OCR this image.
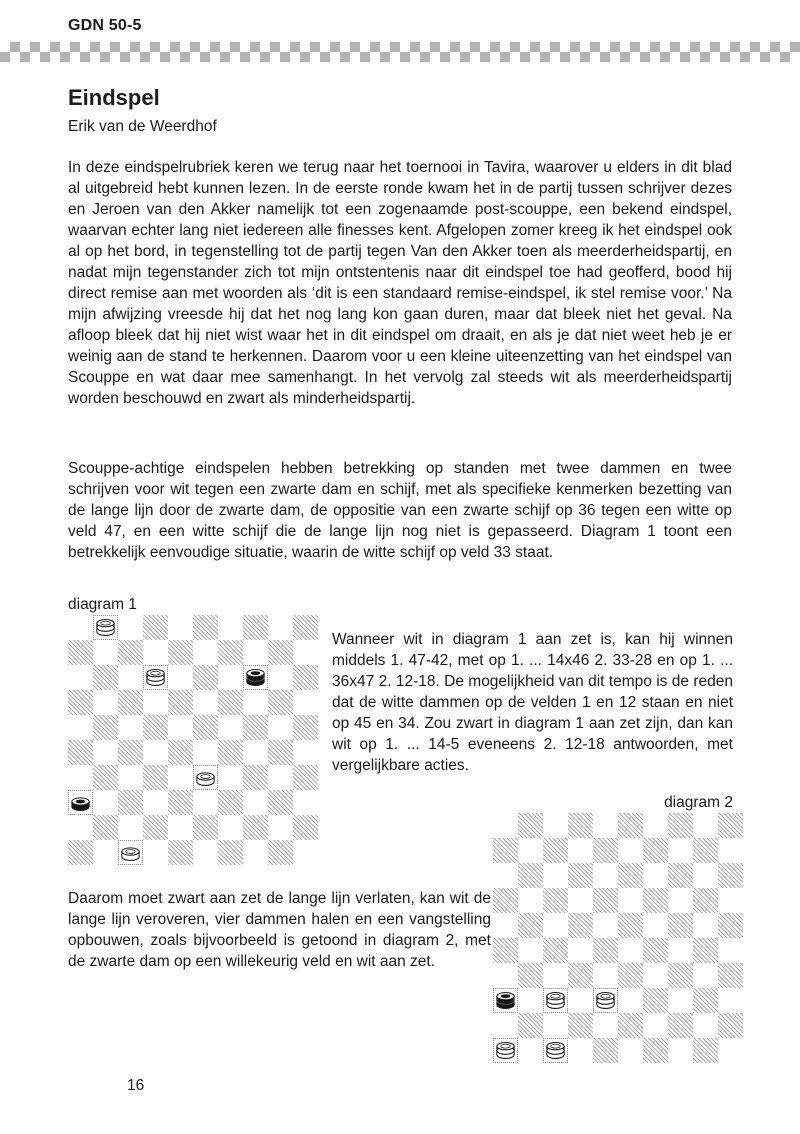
GDN 50-5
Eindspel
Erik van de Weerdhof

In deze eindspelrubriek keren we terug naar het toernooi in Tavira, waarover u elders in dit blad al uitgebreid hebt kunnen lezen. In de eerste ronde kwam het in de partij tussen schrijver dezes en Jeroen van den Akker namelijk tot een zogenaamde post-scouppe, een bekend eindspel, waarvan echter lang niet iedereen alle finesses kent. Afgelopen zomer kreeg ik het eindspel ook al op het bord, in tegenstelling tot de partij tegen Van den Akker toen als meerderheidspartij, en nadat mijn tegenstander zich tot mijn ontstentenis naar dit eindspel toe had geofferd, bood hij direct remise aan met woorden als ‘dit is een standaard remise-eindspel, ik stel remise voor.’ Na mijn afwijzing vreesde hij dat het nog lang kon gaan duren, maar dat bleek niet het geval. Na afloop bleek dat hij niet wist waar het in dit eindspel om draait, en als je dat niet weet heb je er weinig aan de stand te herkennen. Daarom voor u een kleine uiteenzetting van het eindspel van Scouppe en wat daar mee samenhangt. In het vervolg zal steeds wit als meerderheidspartij worden beschouwd en zwart als minderheidspartij.

Scouppe-achtige eindspelen hebben betrekking op standen met twee dammen en twee schrijven voor wit tegen een zwarte dam en schijf, met als specifieke kenmerken bezetting van de lange lijn door de zwarte dam, de oppositie van een zwarte schijf op 36 tegen een witte op veld 47, en een witte schijf die de lange lijn nog niet is gepasseerd. Diagram 1 toont een betrekkelijk eenvoudige situatie, waarin de witte schijf op veld 33 staat.

diagram 1

Wanneer wit in diagram 1 aan zet is, kan hij winnen middels 1. 47-42, met op 1. ... 14x46 2. 33-28 en op 1. ... 36x47 2. 12-18. De mogelijkheid van dit tempo is de reden dat de witte dammen op de velden 1 en 12 staan en niet op 45 en 34. Zou zwart in diagram 1 aan zet zijn, dan kan wit op 1. ... 14-5 eveneens 2. 12-18 antwoorden, met vergelijkbare acties.

diagram 2

Daarom moet zwart aan zet de lange lijn verlaten, kan wit de lange lijn veroveren, vier dammen halen en een vangstelling opbouwen, zoals bijvoorbeeld is getoond in diagram 2, met de zwarte dam op een willekeurig veld en wit aan zet.

16
